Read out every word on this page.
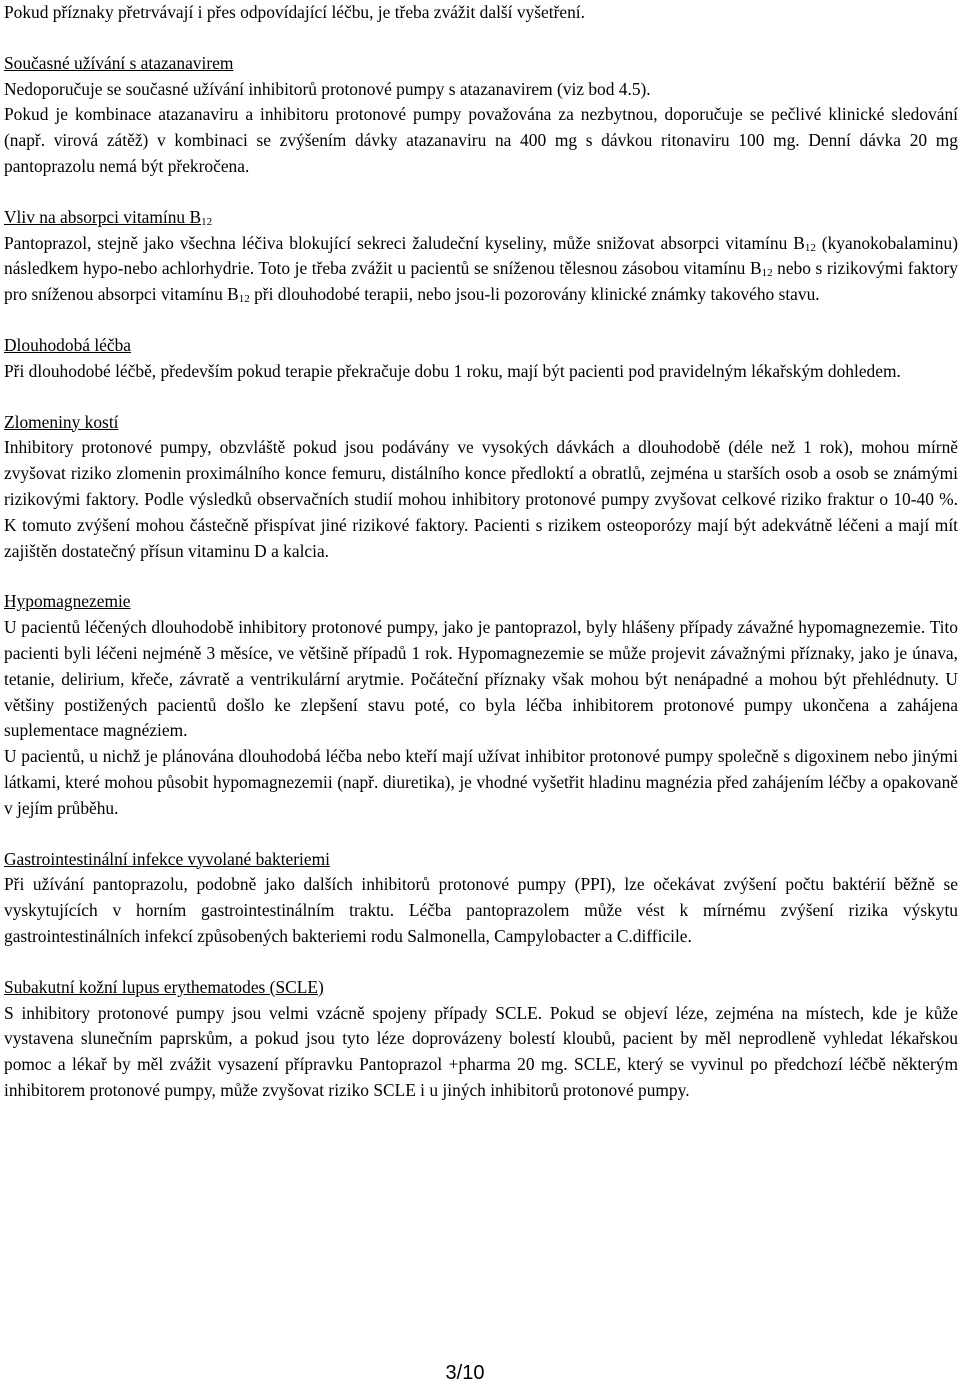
Pokud příznaky přetrvávají i přes odpovídající léčbu, je třeba zvážit další vyšetření.

Současné užívání s atazanavirem
Nedoporučuje se současné užívání inhibitorů protonové pumpy s atazanavirem (viz bod 4.5).
Pokud je kombinace atazanaviru a inhibitoru protonové pumpy považována za nezbytnou, doporučuje se pečlivé klinické sledování (např. virová zátěž) v kombinaci se zvýšením dávky atazanaviru na 400 mg s dávkou ritonaviru 100 mg. Denní dávka 20 mg pantoprazolu nemá být překročena.

Vliv na absorpci vitamínu $B_{12}$
Pantoprazol, stejně jako všechna léčiva blokující sekreci žaludeční kyseliny, může snižovat absorpci vitamínu $B_{12}$ (kyanokobalaminu) následkem hypo-nebo achlorhydrie. Toto je třeba zvážit u pacientů se sníženou tělesnou zásobou vitamínu $B_{12}$ nebo s rizikovými faktory pro sníženou absorpci vitamínu $B_{12}$ při dlouhodobé terapii, nebo jsou-li pozorovány klinické známky takového stavu.

Dlouhodobá léčba
Při dlouhodobé léčbě, především pokud terapie překračuje dobu 1 roku, mají být pacienti pod pravidelným lékařským dohledem.

Zlomeniny kostí
Inhibitory protonové pumpy, obzvláště pokud jsou podávány ve vysokých dávkách a dlouhodobě (déle než 1 rok), mohou mírně zvyšovat riziko zlomenin proximálního konce femuru, distálního konce předloktí a obratlů, zejména u starších osob a osob se známými rizikovými faktory. Podle výsledků observačních studií mohou inhibitory protonové pumpy zvyšovat celkové riziko fraktur o 10-40 %. K tomuto zvýšení mohou částečně přispívat jiné rizikové faktory. Pacienti s rizikem osteoporózy mají být adekvátně léčeni a mají mít zajištěn dostatečný přísun vitaminu D a kalcia.

Hypomagnezemie
U pacientů léčených dlouhodobě inhibitory protonové pumpy, jako je pantoprazol, byly hlášeny případy závažné hypomagnezemie. Tito pacienti byli léčeni nejméně 3 měsíce, ve většině případů 1 rok. Hypomagnezemie se může projevit závažnými příznaky, jako je únava, tetanie, delirium, křeče, závratě a ventrikulární arytmie. Počáteční příznaky však mohou být nenápadné a mohou být přehlédnuty. U většiny postižených pacientů došlo ke zlepšení stavu poté, co byla léčba inhibitorem protonové pumpy ukončena a zahájena suplementace magnéziem.

U pacientů, u nichž je plánována dlouhodobá léčba nebo kteří mají užívat inhibitor protonové pumpy společně s digoxinem nebo jinými látkami, které mohou působit hypomagnezemii (např. diuretika), je vhodné vyšetřit hladinu magnézia před zahájením léčby a opakovaně v jejím průběhu.

Gastrointestinální infekce vyvolané bakteriemi
Při užívání pantoprazolu, podobně jako dalších inhibitorů protonové pumpy (PPI), lze očekávat zvýšení počtu baktérií běžně se vyskytujících v horním gastrointestinálním traktu. Léčba pantoprazolem může vést k mírnému zvýšení rizika výskytu gastrointestinálních infekcí způsobených bakteriemi rodu Salmonella, Campylobacter a C.difficile.

Subakutní kožní lupus erythematodes (SCLE)
S inhibitory protonové pumpy jsou velmi vzácně spojeny případy SCLE. Pokud se objeví léze, zejména na místech, kde je kůže vystavena slunečním paprskům, a pokud jsou tyto léze doprovázeny bolestí kloubů, pacient by měl neprodleně vyhledat lékařskou pomoc a lékař by měl zvážit vysazení přípravku Pantoprazol +pharma 20 mg. SCLE, který se vyvinul po předchozí léčbě některým inhibitorem protonové pumpy, může zvyšovat riziko SCLE i u jiných inhibitorů protonové pumpy.

3/10
